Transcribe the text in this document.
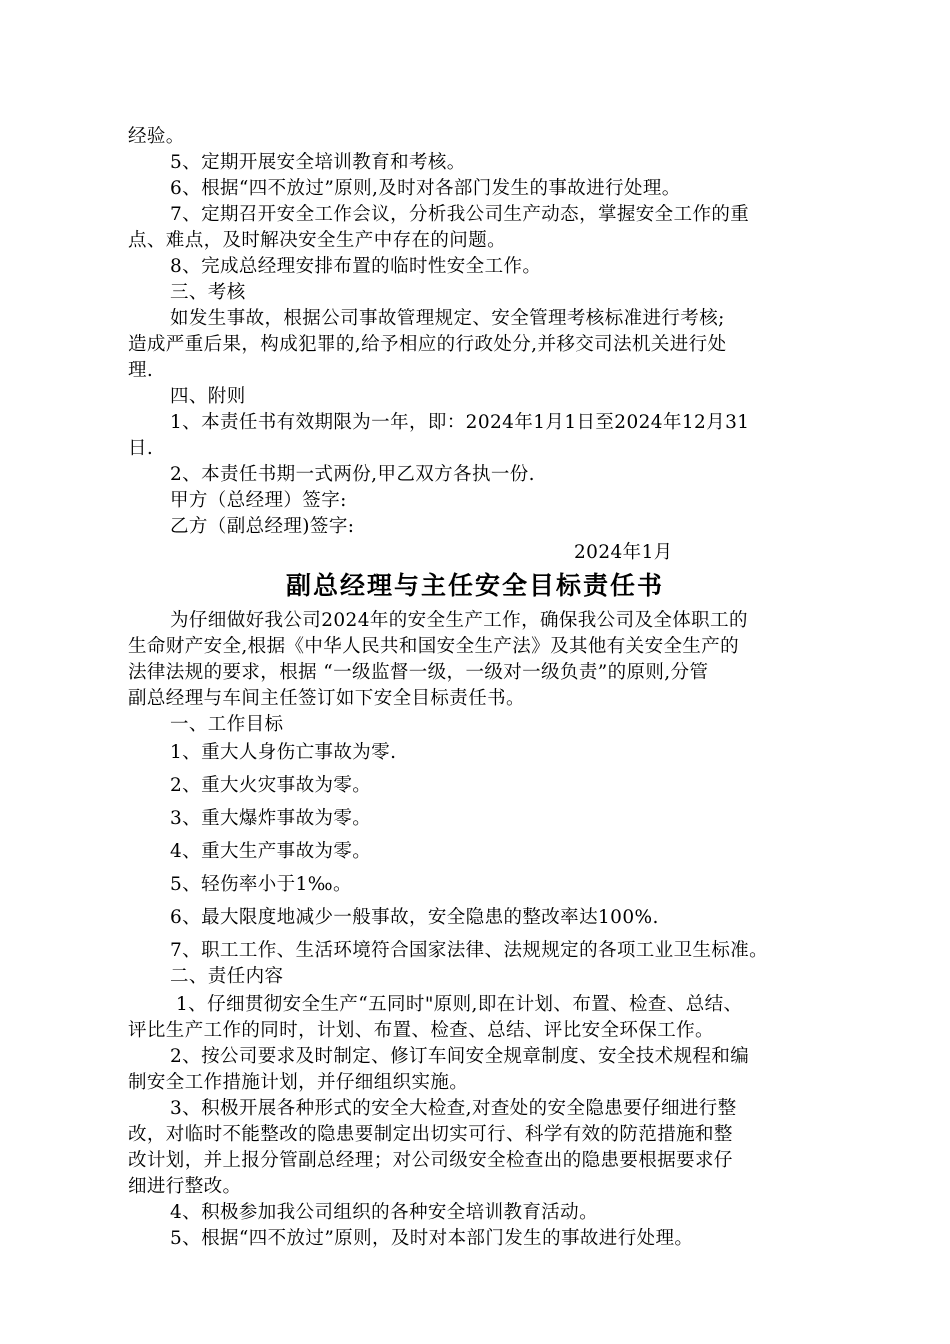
经验。
5、定期开展安全培训教育和考核。
6、根据“四不放过”原则,及时对各部门发生的事故进行处理。
7、定期召开安全工作会议，分析我公司生产动态，掌握安全工作的重
点、难点，及时解决安全生产中存在的问题。
8、完成总经理安排布置的临时性安全工作。
三、考核
如发生事故，根据公司事故管理规定、安全管理考核标准进行考核;
造成严重后果，构成犯罪的,给予相应的行政处分,并移交司法机关进行处
理.
四、附则
1、本责任书有效期限为一年，即：2024年1月1日至2024年12月31
日.
2、本责任书期一式两份,甲乙双方各执一份.
甲方（总经理）签字:
乙方（副总经理)签字:
2024年1月
副总经理与主任安全目标责任书
为仔细做好我公司2024年的安全生产工作，确保我公司及全体职工的
生命财产安全,根据《中华人民共和国安全生产法》及其他有关安全生产的
法律法规的要求，根据 “一级监督一级，一级对一级负责”的原则,分管
副总经理与车间主任签订如下安全目标责任书。
一、工作目标
1、重大人身伤亡事故为零.
2、重大火灾事故为零。
3、重大爆炸事故为零。
4、重大生产事故为零。
5、轻伤率小于1‰。
6、最大限度地减少一般事故，安全隐患的整改率达100%.
7、职工工作、生活环境符合国家法律、法规规定的各项工业卫生标准。
二、责任内容
1、仔细贯彻安全生产“五同时"原则,即在计划、布置、检查、总结、
评比生产工作的同时，计划、布置、检查、总结、评比安全环保工作。
2、按公司要求及时制定、修订车间安全规章制度、安全技术规程和编
制安全工作措施计划，并仔细组织实施。
3、积极开展各种形式的安全大检查,对查处的安全隐患要仔细进行整
改，对临时不能整改的隐患要制定出切实可行、科学有效的防范措施和整
改计划，并上报分管副总经理；对公司级安全检查出的隐患要根据要求仔
细进行整改。
4、积极参加我公司组织的各种安全培训教育活动。
5、根据“四不放过”原则，及时对本部门发生的事故进行处理。
